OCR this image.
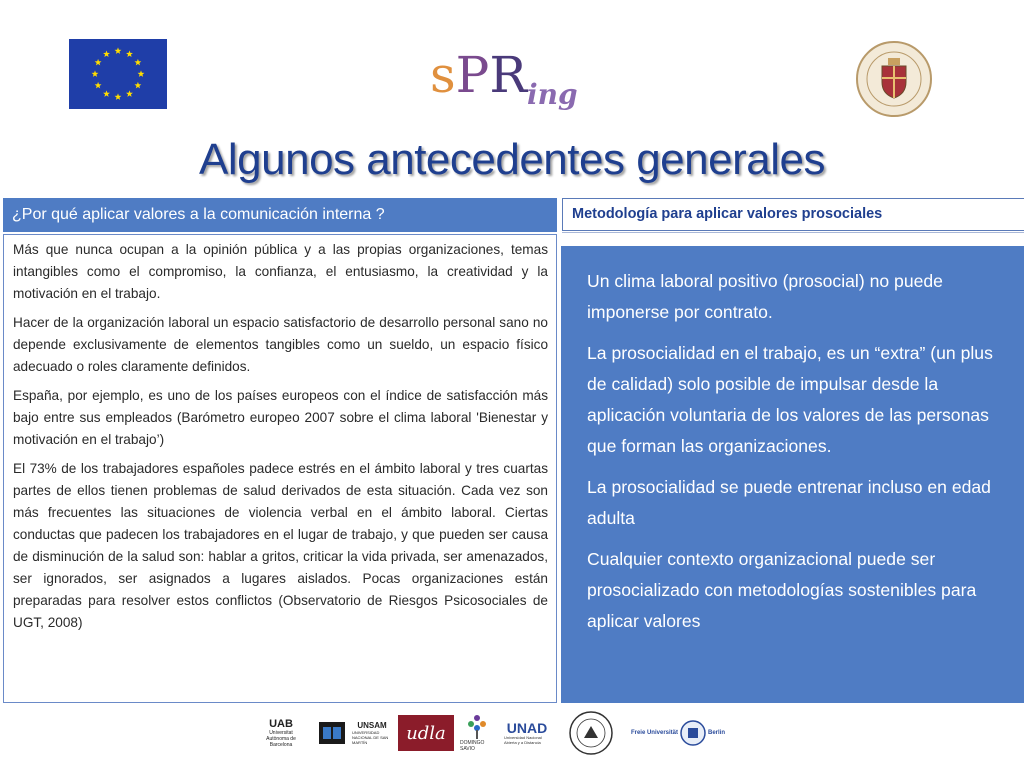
sPR$_{ing}$
Algunos antecedentes generales
¿Por qué aplicar valores a la comunicación interna ?

Más que nunca ocupan a la opinión pública y a las propias organizaciones, temas intangibles como el compromiso, la confianza, el entusiasmo, la creatividad y la motivación en el trabajo.

Hacer de la organización laboral un espacio satisfactorio de desarrollo personal sano no depende exclusivamente de elementos tangibles como un sueldo, un espacio físico adecuado o roles claramente definidos.

España, por ejemplo, es uno de los países europeos con el índice de satisfacción más bajo entre sus empleados (Barómetro europeo 2007 sobre el clima laboral 'Bienestar y motivación en el trabajo’)

El 73% de los trabajadores españoles padece estrés en el ámbito laboral y tres cuartas partes de ellos tienen problemas de salud derivados de esta situación. Cada vez son más frecuentes las situaciones de violencia verbal en el ámbito laboral. Ciertas conductas que padecen los trabajadores en el lugar de trabajo, y que pueden ser causa de disminución de la salud son: hablar a gritos, criticar la vida privada, ser amenazados, ser ignorados, ser asignados a lugares aislados. Pocas organizaciones están preparadas para resolver estos conflictos (Observatorio de Riesgos Psicosociales de UGT, 2008)

Metodología para aplicar valores prosociales

Un clima laboral positivo (prosocial) no puede imponerse por contrato.

La prosocialidad en el trabajo, es un “extra” (un plus de calidad) solo posible de impulsar desde la aplicación voluntaria de los valores de las personas que forman las organizaciones.

La prosocialidad se puede entrenar incluso en edad adulta

Cualquier contexto organizacional puede ser prosocializado con metodologías sostenibles para aplicar valores

UAB
Universitat Autònoma de Barcelona
UNSAM
UNIVERSIDAD NACIONAL DE SAN MARTÍN	udla	DOMINGO SAVIO
UNAD
Universidad Nacional Abierta y a Distancia
Freie Universität	Berlin
